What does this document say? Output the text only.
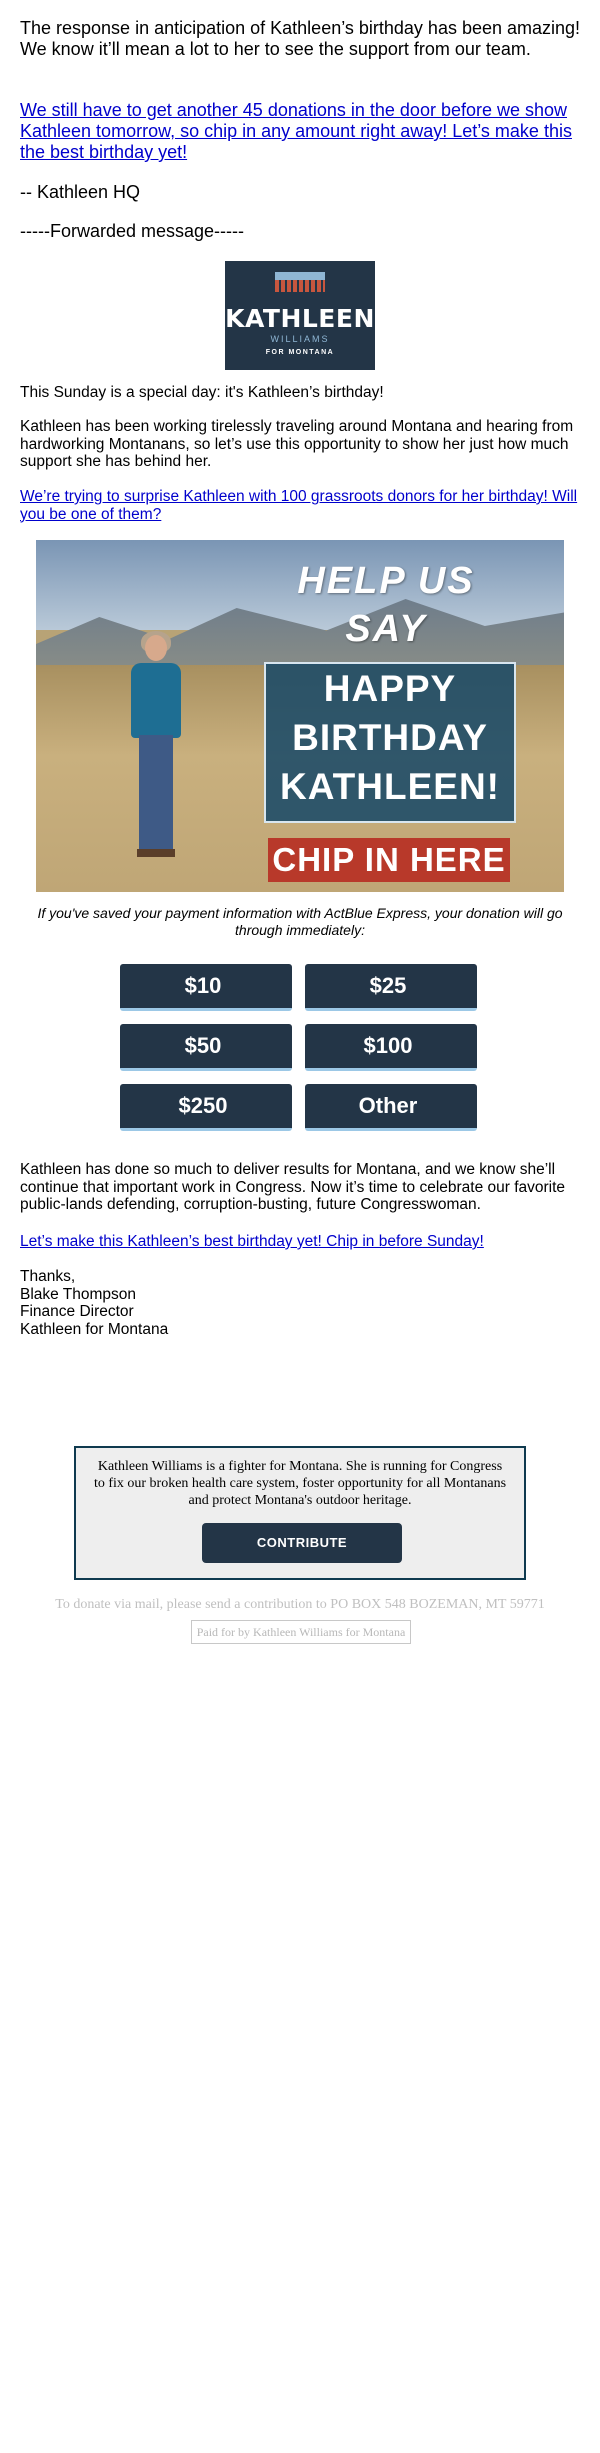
The response in anticipation of Kathleen’s birthday has been amazing! We know it’ll mean a lot to her to see the support from our team.

We still have to get another 45 donations in the door before we show Kathleen tomorrow, so chip in any amount right away! Let’s make this the best birthday yet!

-- Kathleen HQ

-----Forwarded message-----

KATHLEEN
WILLIAMS
FOR MONTANA

This Sunday is a special day: it's Kathleen’s birthday!

Kathleen has been working tirelessly traveling around Montana and hearing from hardworking Montanans, so let’s use this opportunity to show her just how much support she has behind her.

We’re trying to surprise Kathleen with 100 grassroots donors for her birthday! Will you be one of them?

HELP US
SAY
HAPPY
BIRTHDAY
KATHLEEN!
CHIP IN HERE

If you've saved your payment information with ActBlue Express, your donation will go through immediately:

$10	$25
$50	$100
$250	Other

Kathleen has done so much to deliver results for Montana, and we know she’ll continue that important work in Congress. Now it’s time to celebrate our favorite public-lands defending, corruption-busting, future Congresswoman.

Let’s make this Kathleen’s best birthday yet! Chip in before Sunday!

Thanks,
Blake Thompson
Finance Director
Kathleen for Montana

Kathleen Williams is a fighter for Montana. She is running for Congress to fix our broken health care system, foster opportunity for all Montanans and protect Montana's outdoor heritage.

CONTRIBUTE

To donate via mail, please send a contribution to PO BOX 548 BOZEMAN, MT 59771

Paid for by Kathleen Williams for Montana
